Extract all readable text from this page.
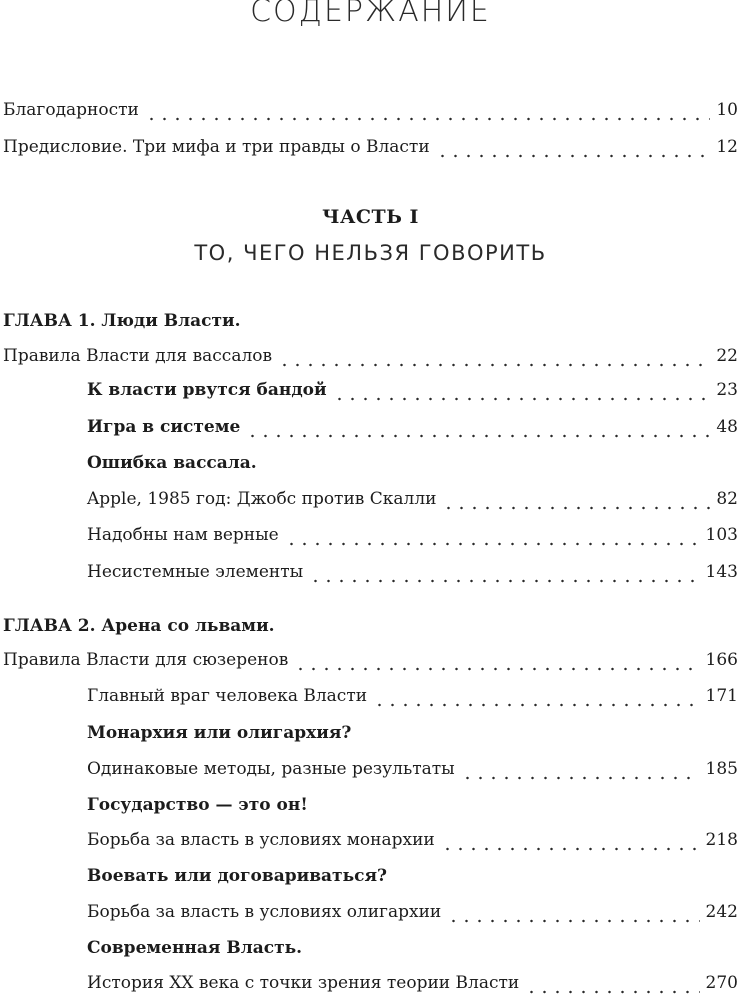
СОДЕРЖАНИЕ
Благодарности	10
Предисловие. Три мифа и три правды о Власти	12
ЧАСТЬ I
ТО, ЧЕГО НЕЛЬЗЯ ГОВОРИТЬ
ГЛАВА 1. Люди Власти.
Правила Власти для вассалов	22
К власти рвутся бандой	23
Игра в системе	48
Ошибка вассала.
Apple, 1985 год: Джобс против Скалли	82
Надобны нам верные	103
Несистемные элементы	143
ГЛАВА 2. Арена со львами.
Правила Власти для сюзеренов	166
Главный враг человека Власти	171
Монархия или олигархия?
Одинаковые методы, разные результаты	185
Государство — это он!
Борьба за власть в условиях монархии	218
Воевать или договариваться?
Борьба за власть в условиях олигархии	242
Современная Власть.
История XX века с точки зрения теории Власти	270
